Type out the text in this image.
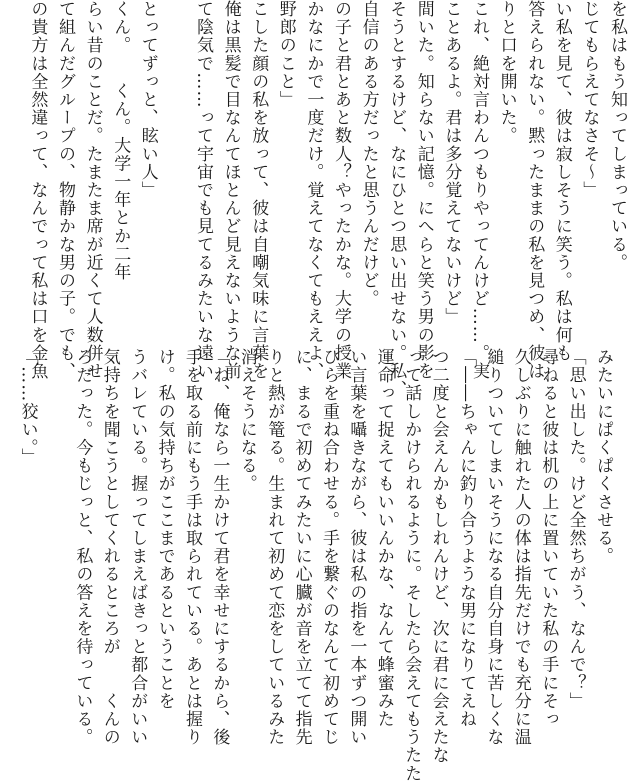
を私はもう知ってしまっている。
じてもらえてなさそ〜」
い私を見て、彼は寂しそうに笑う。私は何も
答えられない。黙ったままの私を見つめ、彼は
りと口を開いた。
これ、絶対言わんつもりやってんけど……。実
ことあるよ。君は多分覚えてないけど」
間いた。知らない記憶。にへらと笑う男の影を
そうとするけど、なにひとつ思い出せない。私、
自信のある方だったと思うんだけど。
の子と君とあと数人？やったかな。大学の授業
かなにかで一度だけ。覚えてなくてもええよ、
野郎のこと」
こした顔の私を放って、彼は自嘲気味に言葉を
俺は黒髪で目なんてほとんど見えないような前
て陰気で……って宇宙でも見てるみたいな遠い
とってずっと、眩い人」
くん。　　くん。大学一年とか二年
らい昔のことだ。たまたま席が近くて人数併せ
て組んだグループの、物静かな男の子。でも、
の貴方は全然違って、なんでって私は口を金魚
みたいにぱくぱくさせる。
「思い出した。けど全然ちがう、なんで？」
尋ねると彼は机の上に置いていた私の手にそっ
久しぶりに触れた人の体は指先だけでも充分に温
縋りついてしまいそうになる自分自身に苦しくな
「――ちゃんに釣り合うような男になりてえね
つ二度と会えんかもしれんけど、次に君に会えたな
って話しかけられるように。そしたら会えてもうたた
運命って捉えてもいいんかな、なんて蜂蜜みた
い言葉を囁きながら、彼は私の指を一本ずつ開い
ひらを重ね合わせる。手を繋ぐのなんて初めてじ
に、まるで初めてみたいに心臓が音を立てて指先
りと熱が篭る。生まれて初めて恋をしているみた
消えそうになる。
「ね、俺なら一生かけて君を幸せにするから、後
手を取る前にもう手は取られている。あとは握り
け。私の気持ちがここまであるということを
うバレている。握ってしまえばきっと都合がいい
気持ちを聞こうとしてくれるところが　　くんの
ろだった。今もじっと、私の答えを待っている。
「……狡い。」
